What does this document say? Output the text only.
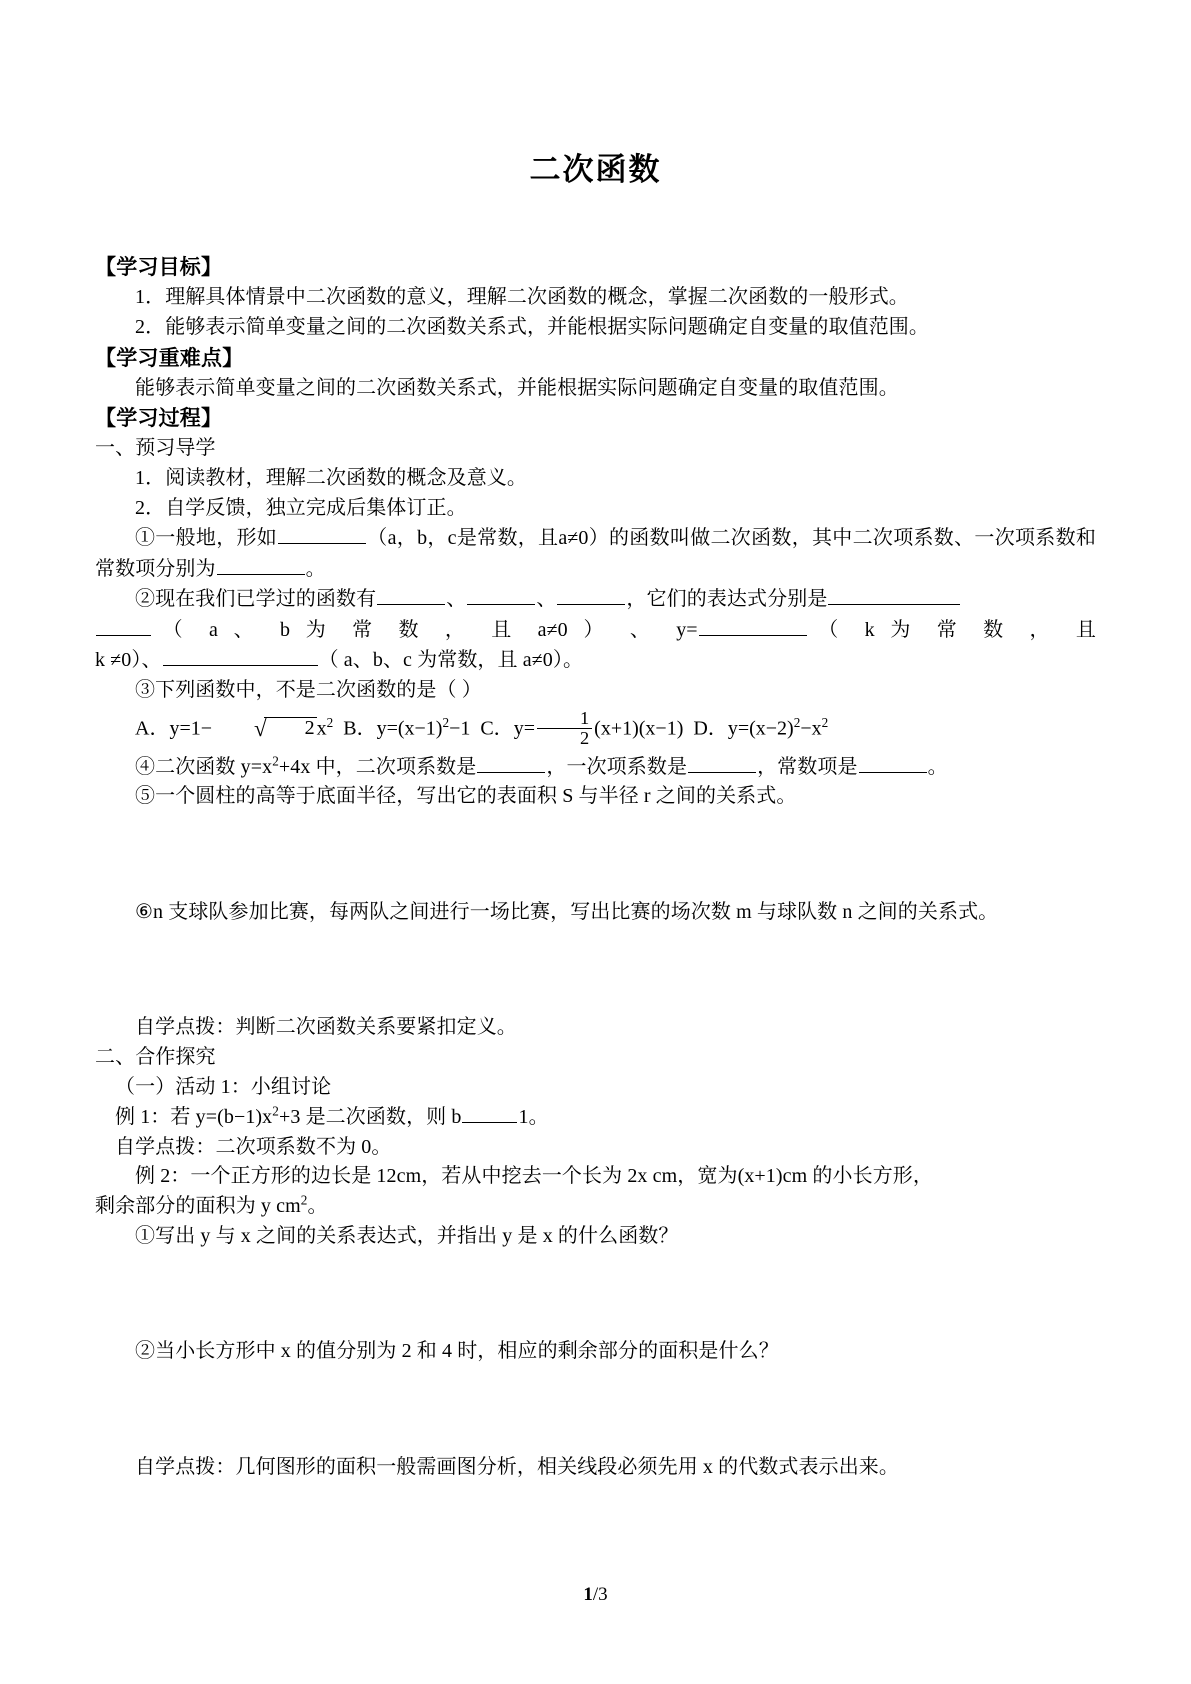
二次函数

【学习目标】

1．理解具体情景中二次函数的意义，理解二次函数的概念，掌握二次函数的一般形式。

2．能够表示简单变量之间的二次函数关系式，并能根据实际问题确定自变量的取值范围。

【学习重难点】

能够表示简单变量之间的二次函数关系式，并能根据实际问题确定自变量的取值范围。

【学习过程】

一、预习导学

1．阅读教材，理解二次函数的概念及意义。

2．自学反馈，独立完成后集体订正。

①一般地，形如	（a，b，c是常数，且a≠0）的函数叫做二次函数，其中二次项系数、一次项系数和常数项分别为	。

②现在我们已学过的函数有	、	、	，它们的表达式分别是

（ a 、 b 为 常 数 ， 且 a≠0 ） 、 y=	（ k 为 常 数 ， 且

k ≠0）、	（ a、b、c 为常数，且 a≠0）。

③下列函数中，不是二次函数的是（ ）

A．y=1− √ 2 $x^2$ B．$y=(x-1)^2-1$ C．$y= \frac{1}{2} (x+1)(x-1)$ D．$y=(x-2)^2-x^2$

④二次函数 $y=x^2+4x$ 中，二次项系数是	，一次项系数是	，常数项是	。

⑤一个圆柱的高等于底面半径，写出它的表面积 S 与半径 r 之间的关系式。

⑥n 支球队参加比赛，每两队之间进行一场比赛，写出比赛的场次数 m 与球队数 n 之间的关系式。

自学点拨：判断二次函数关系要紧扣定义。

二、合作探究

（一）活动 1：小组讨论

例 1：若 $y=(b-1)x^2+3$ 是二次函数，则 b	1。

自学点拨：二次项系数不为 0。

例 2：一个正方形的边长是 12cm，若从中挖去一个长为 2x cm，宽为(x+1)cm 的小长方形，

剩余部分的面积为 y $cm^2$。

①写出 y 与 x 之间的关系表达式，并指出 y 是 x 的什么函数？

②当小长方形中 x 的值分别为 2 和 4 时，相应的剩余部分的面积是什么？

自学点拨：几何图形的面积一般需画图分析，相关线段必须先用 x 的代数式表示出来。

1/3
